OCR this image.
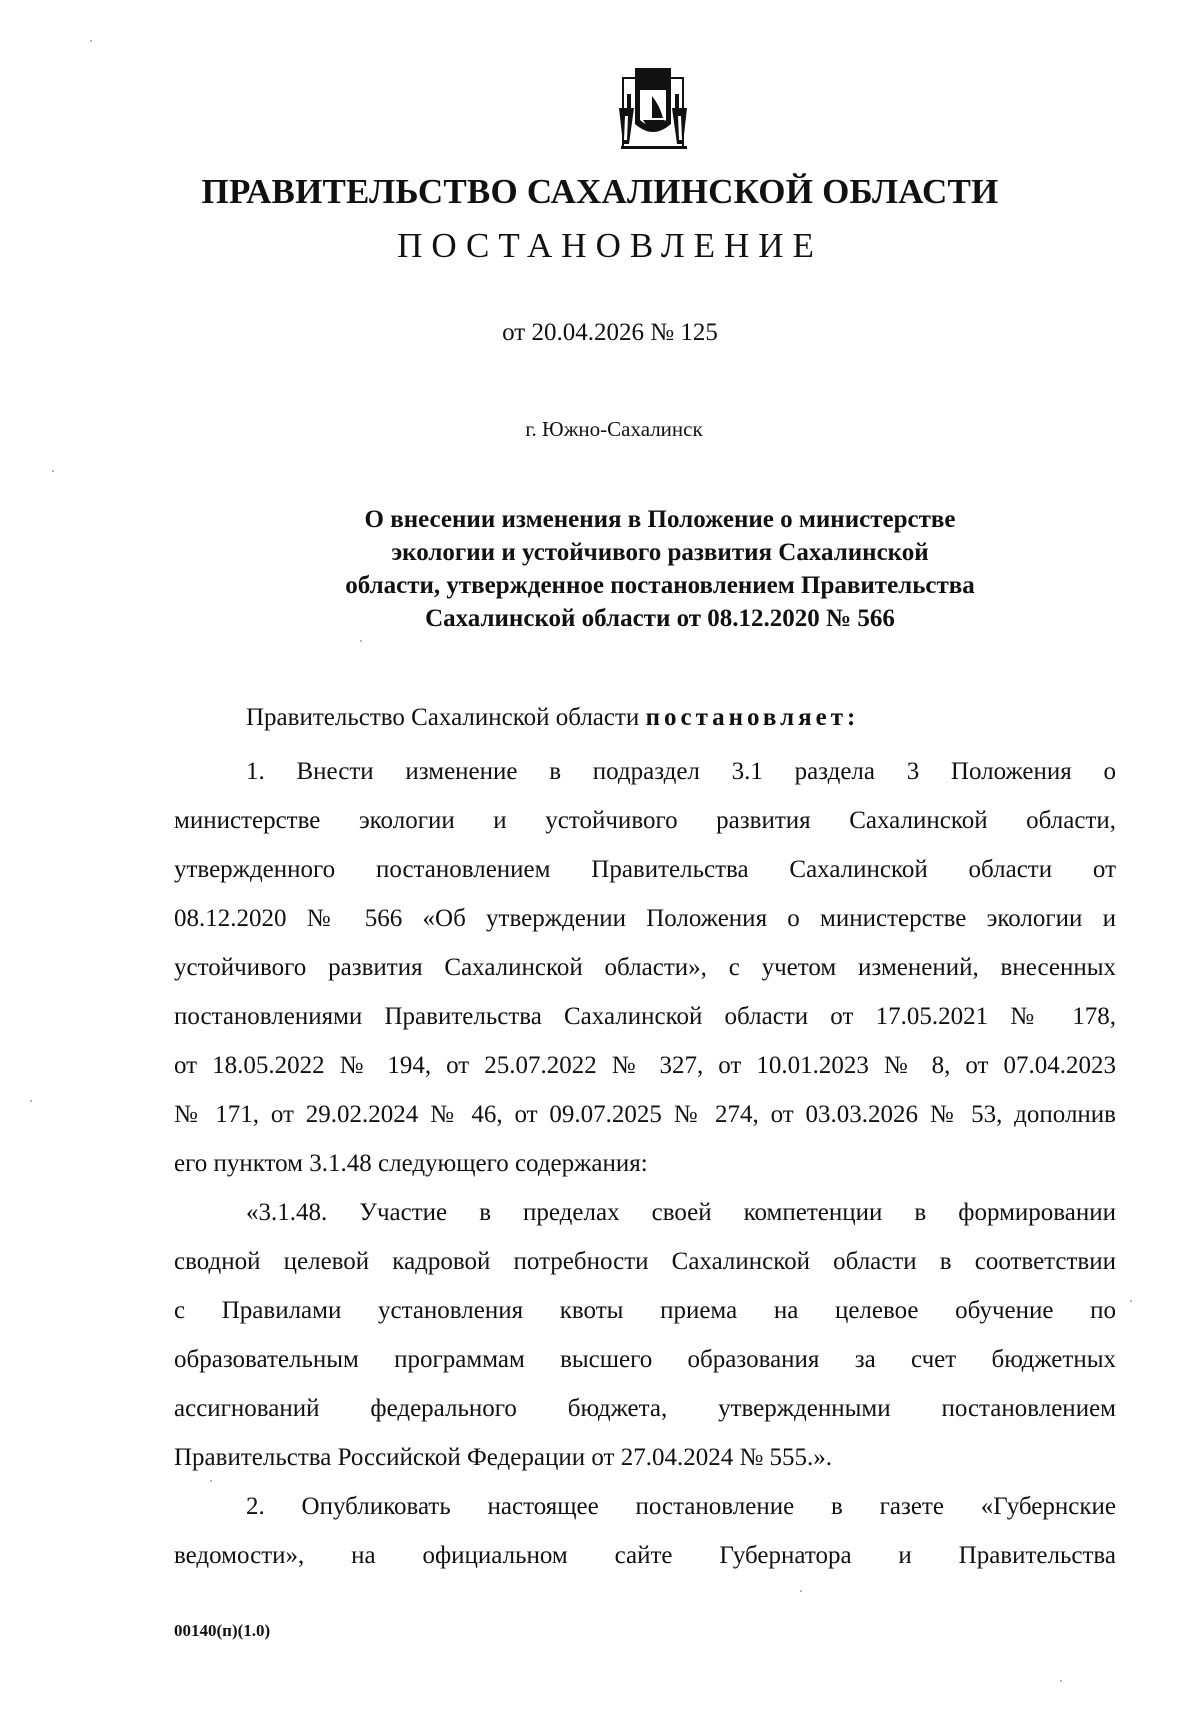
ПРАВИТЕЛЬСТВО САХАЛИНСКОЙ ОБЛАСТИ
ПОСТАНОВЛЕНИЕ
от 20.04.2026 № 125
г. Южно-Сахалинск
О внесении изменения в Положение о министерстве
экологии и устойчивого развития Сахалинской
области, утвержденное постановлением Правительства
Сахалинской области от 08.12.2020 № 566
Правительство Сахалинской области постановляет:
1. Внести изменение в подраздел 3.1 раздела 3 Положения о
министерстве экологии и устойчивого развития Сахалинской области,
утвержденного постановлением Правительства Сахалинской области от
08.12.2020 № 566 «Об утверждении Положения о министерстве экологии и
устойчивого развития Сахалинской области», с учетом изменений, внесенных
постановлениями Правительства Сахалинской области от 17.05.2021 № 178,
от 18.05.2022 № 194, от 25.07.2022 № 327, от 10.01.2023 № 8, от 07.04.2023
№ 171, от 29.02.2024 № 46, от 09.07.2025 № 274, от 03.03.2026 № 53, дополнив
его пунктом 3.1.48 следующего содержания:
«3.1.48. Участие в пределах своей компетенции в формировании
сводной целевой кадровой потребности Сахалинской области в соответствии
с Правилами установления квоты приема на целевое обучение по
образовательным программам высшего образования за счет бюджетных
ассигнований федерального бюджета, утвержденными постановлением
Правительства Российской Федерации от 27.04.2024 № 555.».
2. Опубликовать настоящее постановление в газете «Губернские
ведомости», на официальном сайте Губернатора и Правительства
00140(п)(1.0)
